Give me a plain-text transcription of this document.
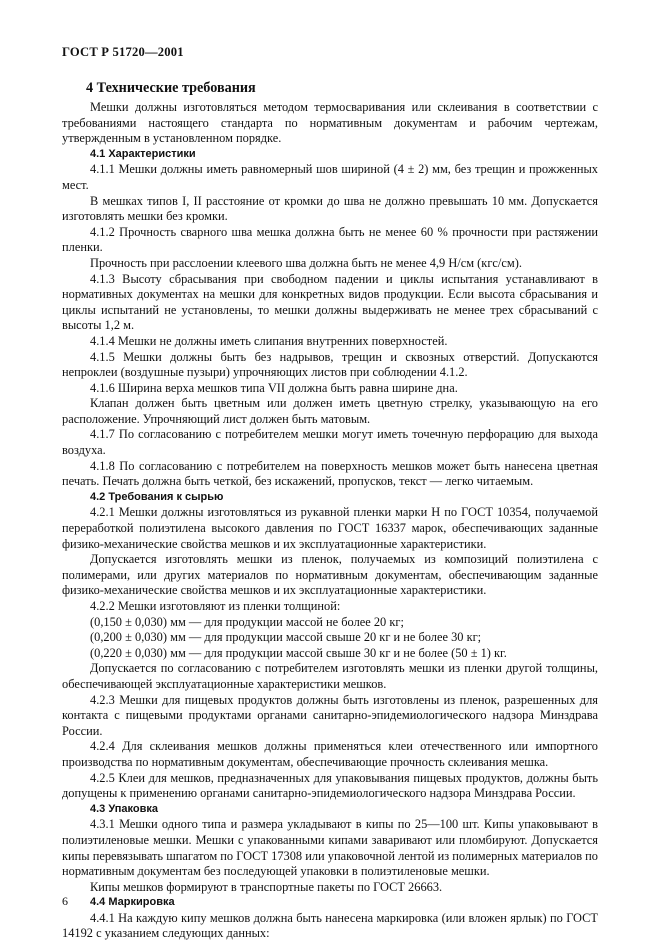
ГОСТ Р 51720—2001
4 Технические требования

Мешки должны изготовляться методом термосваривания или склеивания в соответствии с требованиями настоящего стандарта по нормативным документам и рабочим чертежам, утвержденным в установленном порядке.

4.1 Характеристики

4.1.1 Мешки должны иметь равномерный шов шириной (4 ± 2) мм, без трещин и прожженных мест.

В мешках типов I, II расстояние от кромки до шва не должно превышать 10 мм. Допускается изготовлять мешки без кромки.

4.1.2 Прочность сварного шва мешка должна быть не менее 60 % прочности при растяжении пленки.

Прочность при расслоении клеевого шва должна быть не менее 4,9 Н/см (кгс/см).

4.1.3 Высоту сбрасывания при свободном падении и циклы испытания устанавливают в нормативных документах на мешки для конкретных видов продукции. Если высота сбрасывания и циклы испытаний не установлены, то мешки должны выдерживать не менее трех сбрасываний с высоты 1,2 м.

4.1.4 Мешки не должны иметь слипания внутренних поверхностей.

4.1.5 Мешки должны быть без надрывов, трещин и сквозных отверстий. Допускаются непроклеи (воздушные пузыри) упрочняющих листов при соблюдении 4.1.2.

4.1.6 Ширина верха мешков типа VII должна быть равна ширине дна.

Клапан должен быть цветным или должен иметь цветную стрелку, указывающую на его расположение. Упрочняющий лист должен быть матовым.

4.1.7 По согласованию с потребителем мешки могут иметь точечную перфорацию для выхода воздуха.

4.1.8 По согласованию с потребителем на поверхность мешков может быть нанесена цветная печать. Печать должна быть четкой, без искажений, пропусков, текст — легко читаемым.

4.2 Требования к сырью

4.2.1 Мешки должны изготовляться из рукавной пленки марки Н по ГОСТ 10354, получаемой переработкой полиэтилена высокого давления по ГОСТ 16337 марок, обеспечивающих заданные физико-механические свойства мешков и их эксплуатационные характеристики.

Допускается изготовлять мешки из пленок, получаемых из композиций полиэтилена с полимерами, или других материалов по нормативным документам, обеспечивающим заданные физико-механические свойства мешков и их эксплуатационные характеристики.

4.2.2 Мешки изготовляют из пленки толщиной:

(0,150 ± 0,030) мм — для продукции массой не более 20 кг;

(0,200 ± 0,030) мм — для продукции массой свыше 20 кг и не более 30 кг;

(0,220 ± 0,030) мм — для продукции массой свыше 30 кг и не более (50 ± 1) кг.

Допускается по согласованию с потребителем изготовлять мешки из пленки другой толщины, обеспечивающей эксплуатационные характеристики мешков.

4.2.3 Мешки для пищевых продуктов должны быть изготовлены из пленок, разрешенных для контакта с пищевыми продуктами органами санитарно-эпидемиологического надзора Минздрава России.

4.2.4 Для склеивания мешков должны применяться клеи отечественного или импортного производства по нормативным документам, обеспечивающие прочность склеивания мешка.

4.2.5 Клеи для мешков, предназначенных для упаковывания пищевых продуктов, должны быть допущены к применению органами санитарно-эпидемиологического надзора Минздрава России.

4.3 Упаковка

4.3.1 Мешки одного типа и размера укладывают в кипы по 25—100 шт. Кипы упаковывают в полиэтиленовые мешки. Мешки с упакованными кипами заваривают или пломбируют. Допускается кипы перевязывать шпагатом по ГОСТ 17308 или упаковочной лентой из полимерных материалов по нормативным документам без последующей упаковки в полиэтиленовые мешки.

Кипы мешков формируют в транспортные пакеты по ГОСТ 26663.

4.4 Маркировка

4.4.1 На каждую кипу мешков должна быть нанесена маркировка (или вложен ярлык) по ГОСТ 14192 с указанием следующих данных:

6
